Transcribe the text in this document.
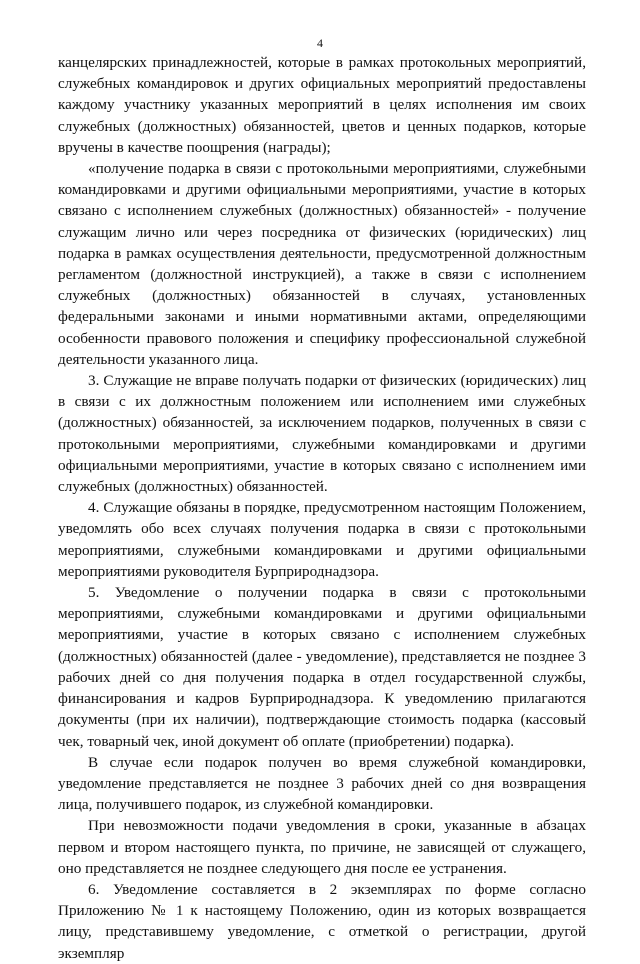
4

канцелярских принадлежностей, которые в рамках протокольных мероприятий, служебных командировок и других официальных мероприятий предоставлены каждому участнику указанных мероприятий в целях исполнения им своих служебных (должностных) обязанностей, цветов и ценных подарков, которые вручены в качестве поощрения (награды);

«получение подарка в связи с протокольными мероприятиями, служебными командировками и другими официальными мероприятиями, участие в которых связано с исполнением служебных (должностных) обязанностей» - получение служащим лично или через посредника от физических (юридических) лиц подарка в рамках осуществления деятельности, предусмотренной должностным регламентом (должностной инструкцией), а также в связи с исполнением служебных (должностных) обязанностей в случаях, установленных федеральными законами и иными нормативными актами, определяющими особенности правового положения и специфику профессиональной служебной деятельности указанного лица.

3. Служащие не вправе получать подарки от физических (юридических) лиц в связи с их должностным положением или исполнением ими служебных (должностных) обязанностей, за исключением подарков, полученных в связи с протокольными мероприятиями, служебными командировками и другими официальными мероприятиями, участие в которых связано с исполнением ими служебных (должностных) обязанностей.

4. Служащие обязаны в порядке, предусмотренном настоящим Положением, уведомлять обо всех случаях получения подарка в связи с протокольными мероприятиями, служебными командировками и другими официальными мероприятиями руководителя Бурприроднадзора.

5. Уведомление о получении подарка в связи с протокольными мероприятиями, служебными командировками и другими официальными мероприятиями, участие в которых связано с исполнением служебных (должностных) обязанностей (далее - уведомление), представляется не позднее 3 рабочих дней со дня получения подарка в отдел государственной службы, финансирования и кадров Бурприроднадзора. К уведомлению прилагаются документы (при их наличии), подтверждающие стоимость подарка (кассовый чек, товарный чек, иной документ об оплате (приобретении) подарка).

В случае если подарок получен во время служебной командировки, уведомление представляется не позднее 3 рабочих дней со дня возвращения лица, получившего подарок, из служебной командировки.

При невозможности подачи уведомления в сроки, указанные в абзацах первом и втором настоящего пункта, по причине, не зависящей от служащего, оно представляется не позднее следующего дня после ее устранения.

6. Уведомление составляется в 2 экземплярах по форме согласно Приложению № 1 к настоящему Положению, один из которых возвращается лицу, представившему уведомление, с отметкой о регистрации, другой экземпляр
